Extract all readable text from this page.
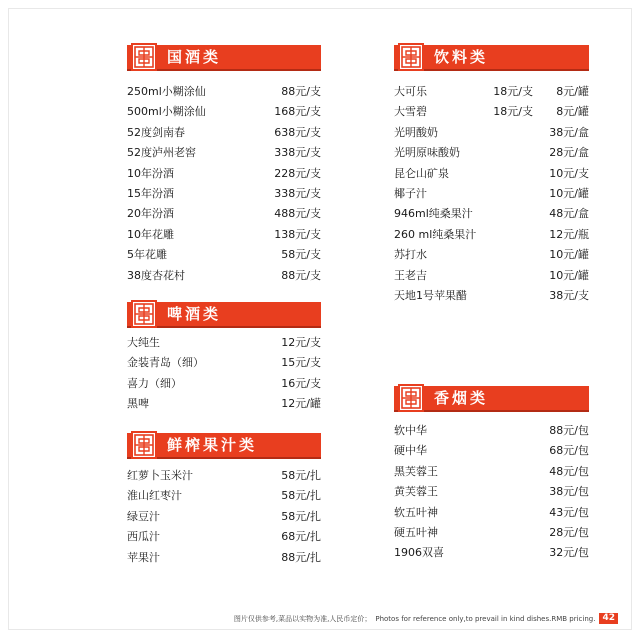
国酒类
250ml小糊涂仙	88元/支
500ml小糊涂仙	168元/支
52度剑南春	638元/支
52度泸州老窖	338元/支
10年汾酒	228元/支
15年汾酒	338元/支
20年汾酒	488元/支
10年花雕	138元/支
5年花雕	58元/支
38度杏花村	88元/支
啤酒类
大纯生	12元/支
金装青岛（细）	15元/支
喜力（细）	16元/支
黑啤	12元/罐
鲜榨果汁类
红萝卜玉米汁	58元/扎
淮山红枣汁	58元/扎
绿豆汁	58元/扎
西瓜汁	68元/扎
苹果汁	88元/扎
饮料类
大可乐	18元/支	8元/罐
大雪碧	18元/支	8元/罐
光明酸奶	38元/盒
光明原味酸奶	28元/盒
昆仑山矿泉	10元/支
椰子汁	10元/罐
946ml纯桑果汁	48元/盒
260 ml纯桑果汁	12元/瓶
苏打水	10元/罐
王老吉	10元/罐
天地1号苹果醋	38元/支
香烟类
软中华	88元/包
硬中华	68元/包
黑芙蓉王	48元/包
黄芙蓉王	38元/包
软五叶神	43元/包
硬五叶神	28元/包
1906双喜	32元/包
图片仅供参考,菜品以实物为准,人民币定价； Photos for reference only,to prevail in kind dishes.RMB pricing. 42
